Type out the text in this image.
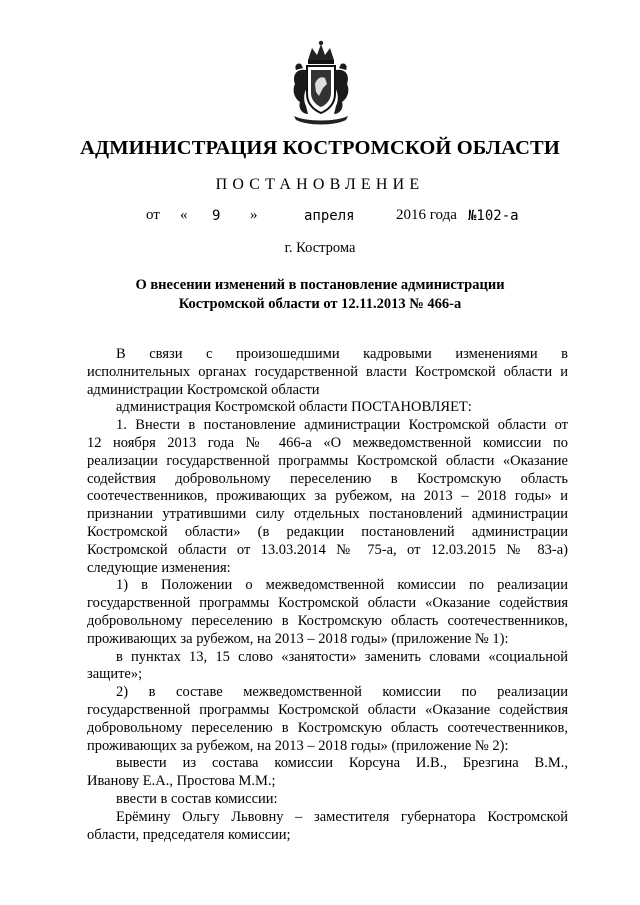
АДМИНИСТРАЦИЯ КОСТРОМСКОЙ ОБЛАСТИ
ПОСТАНОВЛЕНИЕ
от « 9 »	апреля	2016 года №102-а
г. Кострома
О внесении изменений в постановление администрации
Костромской области от 12.11.2013 № 466-а
В связи с произошедшими кадровыми изменениями в
исполнительных органах государственной власти Костромской области и
администрации Костромской области
администрация Костромской области ПОСТАНОВЛЯЕТ:
1. Внести в постановление администрации Костромской области от
12 ноября 2013 года № 466-а «О межведомственной комиссии по
реализации государственной программы Костромской области «Оказание
содействия добровольному переселению в Костромскую область
соотечественников, проживающих за рубежом, на 2013 – 2018 годы» и
признании утратившими силу отдельных постановлений администрации
Костромской области» (в редакции постановлений администрации
Костромской области от 13.03.2014 № 75-а, от 12.03.2015 № 83-а)
следующие изменения:
1) в Положении о межведомственной комиссии по реализации
государственной программы Костромской области «Оказание содействия
добровольному переселению в Костромскую область соотечественников,
проживающих за рубежом, на 2013 – 2018 годы» (приложение № 1):
в пунктах 13, 15 слово «занятости» заменить словами «социальной
защите»;
2) в составе межведомственной комиссии по реализации
государственной программы Костромской области «Оказание содействия
добровольному переселению в Костромскую область соотечественников,
проживающих за рубежом, на 2013 – 2018 годы» (приложение № 2):
вывести из состава комиссии Корсуна И.В., Брезгина В.М.,
Иванову Е.А., Простова М.М.;
ввести в состав комиссии:
Ерёмину Ольгу Львовну – заместителя губернатора Костромской
области, председателя комиссии;
